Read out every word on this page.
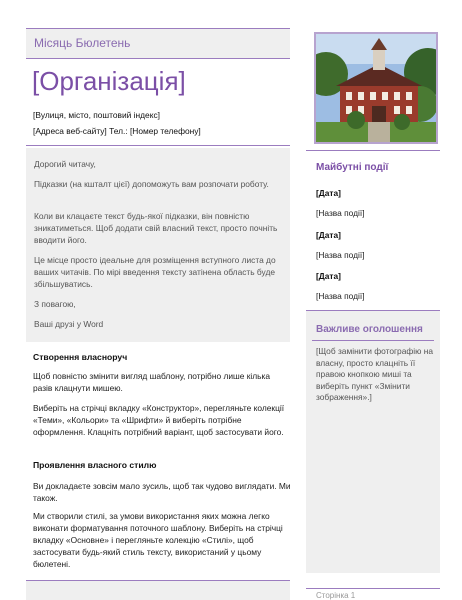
Місяць Бюлетень
[Організація]
[Вулиця, місто, поштовий індекс]
[Адреса веб-сайту] Тел.: [Номер телефону]
Дорогий читачу,
Підказки (на кшталт цієї) допоможуть вам розпочати роботу.
Коли ви клацаєте текст будь-якої підказки, він повністю зникатиметься. Щоб додати свій власний текст, просто почніть вводити його.
Це місце просто ідеальне для розміщення вступного листа до ваших читачів. По мірі введення тексту затінена область буде збільшуватись.
З повагою,
Ваші друзі у Word
Створення власноруч
Щоб повністю змінити вигляд шаблону, потрібно лише кілька разів клацнути мишею.
Виберіть на стрічці вкладку «Конструктор», перегляньте колекції «Теми», «Кольори» та «Шрифти» й виберіть потрібне оформлення. Клацніть потрібний варіант, щоб застосувати його.
Проявлення власного стилю
Ви докладаєте зовсім мало зусиль, щоб так чудово виглядати. Ми також.
Ми створили стилі, за умови використання яких можна легко виконати форматування поточного шаблону. Виберіть на стрічці вкладку «Основне» і перегляньте колекцію «Стилі», щоб застосувати будь-який стиль тексту, використаний у цьому бюлетені.
Майбутні події
[Дата]
[Назва події]
[Дата]
[Назва події]
[Дата]
[Назва події]
Важливе оголошення
[Щоб замінити фотографію на власну, просто клацніть її правою кнопкою миші та виберіть пункт «Змінити зображення».]
Сторінка 1
